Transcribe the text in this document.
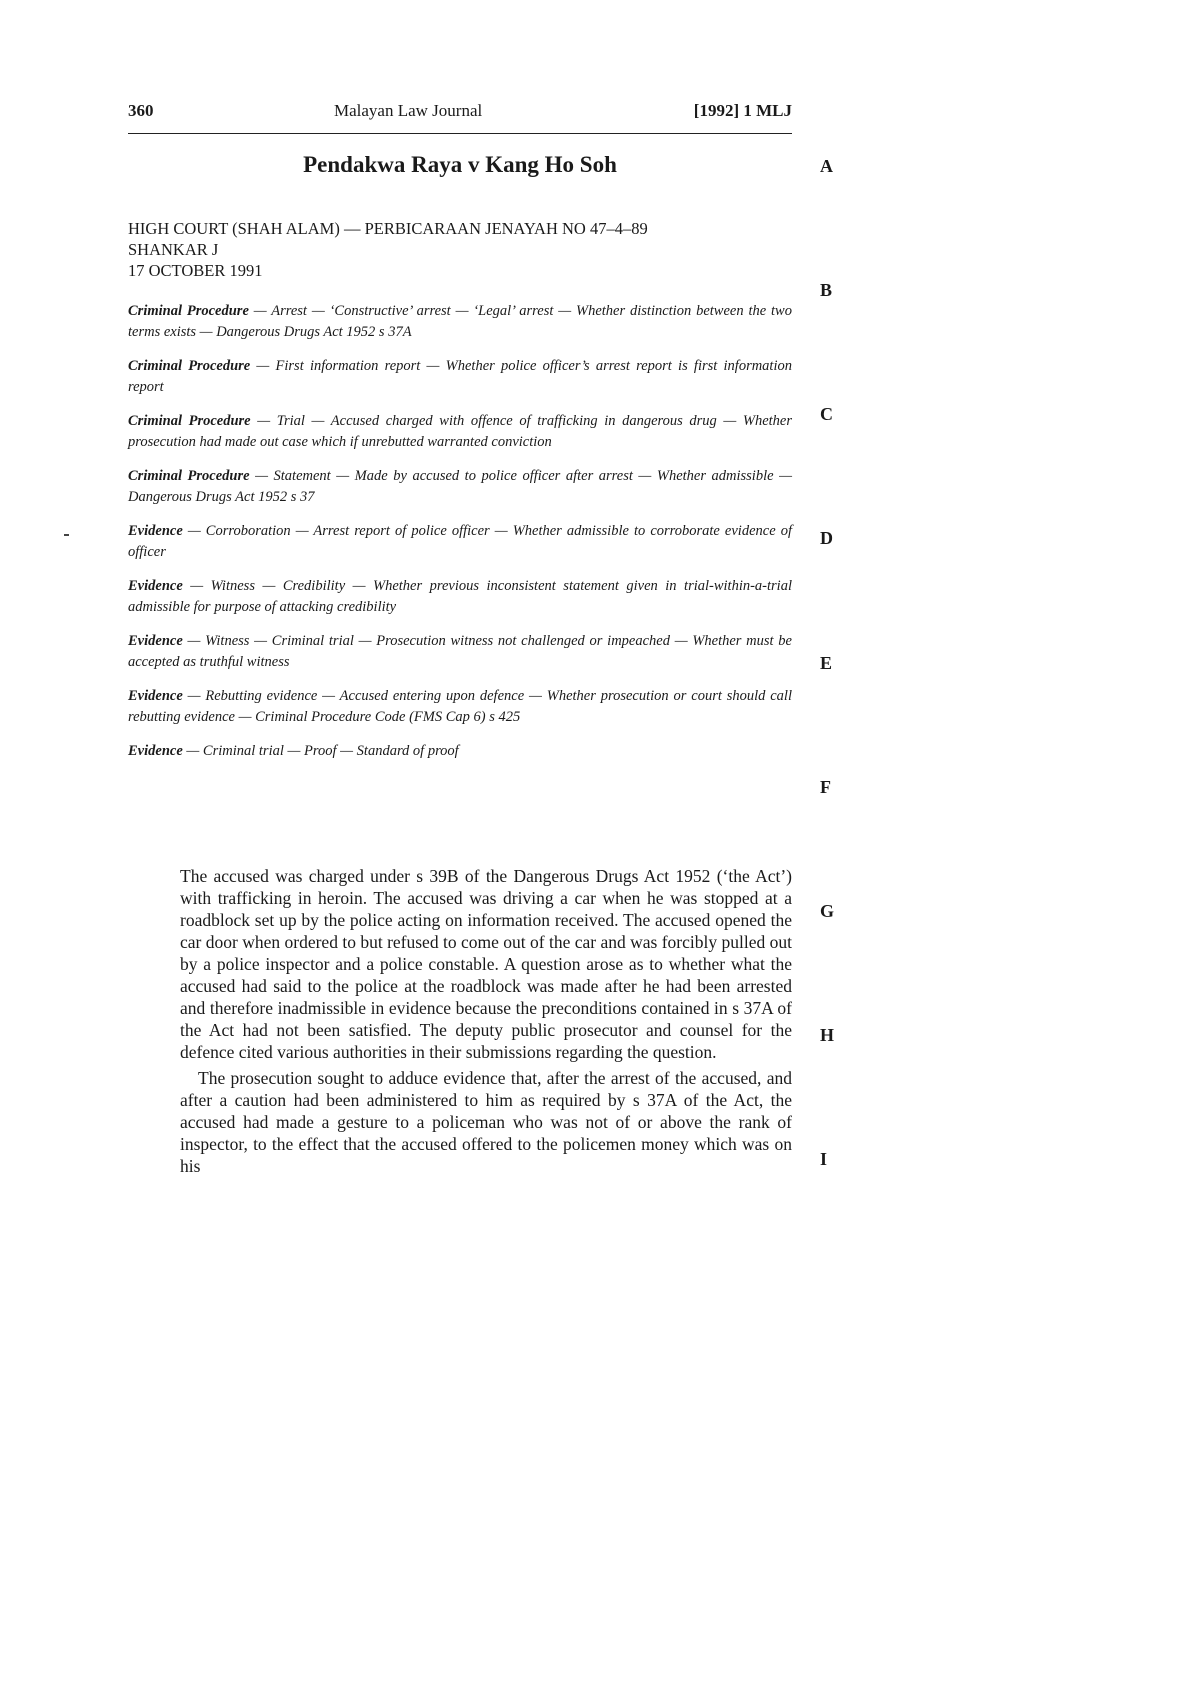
360	Malayan Law Journal	[1992] 1 MLJ
Pendakwa Raya v Kang Ho Soh
HIGH COURT (SHAH ALAM) — PERBICARAAN JENAYAH NO 47–4–89
SHANKAR J
17 OCTOBER 1991

Criminal Procedure — Arrest — ‘Constructive’ arrest — ‘Legal’ arrest — Whether distinction between the two terms exists — Dangerous Drugs Act 1952 s 37A

Criminal Procedure — First information report — Whether police officer’s arrest report is first information report

Criminal Procedure — Trial — Accused charged with offence of trafficking in dangerous drug — Whether prosecution had made out case which if unrebutted warranted conviction

Criminal Procedure — Statement — Made by accused to police officer after arrest — Whether admissible — Dangerous Drugs Act 1952 s 37

Evidence — Corroboration — Arrest report of police officer — Whether admissible to corroborate evidence of officer

Evidence — Witness — Credibility — Whether previous inconsistent statement given in trial-within-a-trial admissible for purpose of attacking credibility

Evidence — Witness — Criminal trial — Prosecution witness not challenged or impeached — Whether must be accepted as truthful witness

Evidence — Rebutting evidence — Accused entering upon defence — Whether prosecution or court should call rebutting evidence — Criminal Procedure Code (FMS Cap 6) s 425

Evidence — Criminal trial — Proof — Standard of proof

The accused was charged under s 39B of the Dangerous Drugs Act 1952 (‘the Act’) with trafficking in heroin. The accused was driving a car when he was stopped at a roadblock set up by the police acting on information received. The accused opened the car door when ordered to but refused to come out of the car and was forcibly pulled out by a police inspector and a police constable. A question arose as to whether what the accused had said to the police at the roadblock was made after he had been arrested and therefore inadmissible in evidence because the preconditions contained in s 37A of the Act had not been satisfied. The deputy public prosecutor and counsel for the defence cited various authorities in their submissions regarding the question.

The prosecution sought to adduce evidence that, after the arrest of the accused, and after a caution had been administered to him as required by s 37A of the Act, the accused had made a gesture to a policeman who was not of or above the rank of inspector, to the effect that the accused offered to the policemen money which was on his

A
B
C
D
E
F
G
H
I
